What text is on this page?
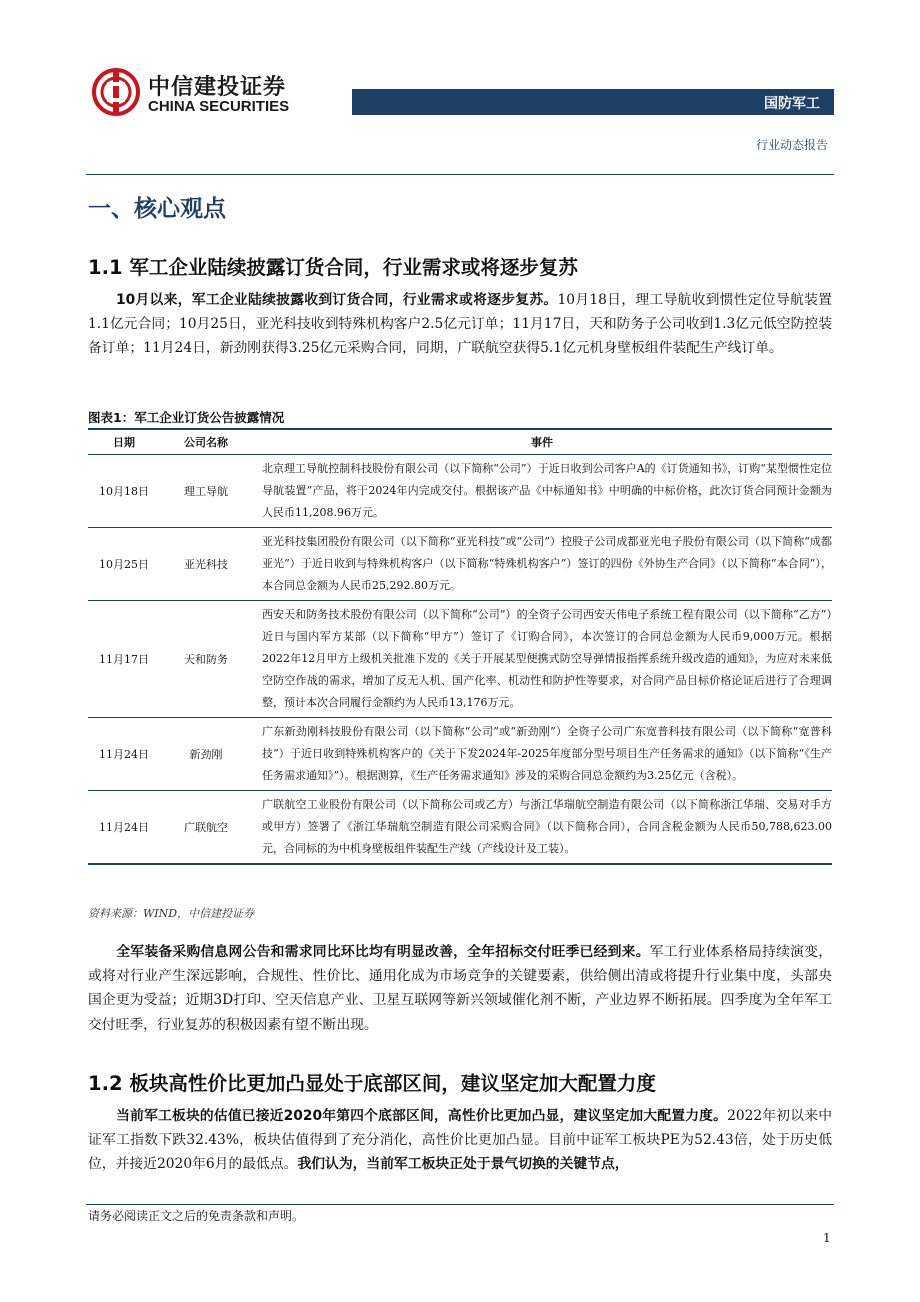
中信建投证券
CHINA SECURITIES	国防军工
行业动态报告
一、核心观点
1.1 军工企业陆续披露订货合同，行业需求或将逐步复苏
10月以来，军工企业陆续披露收到订货合同，行业需求或将逐步复苏。10月18日，理工导航收到惯性定位导航装置1.1亿元合同；10月25日，亚光科技收到特殊机构客户2.5亿元订单；11月17日，天和防务子公司收到1.3亿元低空防控装备订单；11月24日，新劲刚获得3.25亿元采购合同，同期，广联航空获得5.1亿元机身壁板组件装配生产线订单。
图表1：军工企业订货公告披露情况
日期	公司名称	事件
10月18日	理工导航	北京理工导航控制科技股份有限公司（以下简称“公司”）于近日收到公司客户A的《订货通知书》，订购“某型惯性定位导航装置”产品，将于2024年内完成交付。根据该产品《中标通知书》中明确的中标价格，此次订货合同预计金额为人民币11,208.96万元。
10月25日	亚光科技	亚光科技集团股份有限公司（以下简称“亚光科技”或“公司”）控股子公司成都亚光电子股份有限公司（以下简称“成都亚光”）于近日收到与特殊机构客户（以下简称“特殊机构客户”）签订的四份《外协生产合同》（以下简称“本合同”），本合同总金额为人民币25,292.80万元。
11月17日	天和防务	西安天和防务技术股份有限公司（以下简称“公司”）的全资子公司西安天伟电子系统工程有限公司（以下简称“乙方”）近日与国内军方某部（以下简称“甲方”）签订了《订购合同》，本次签订的合同总金额为人民币9,000万元。根据2022年12月甲方上级机关批准下发的《关于开展某型便携式防空导弹情报指挥系统升级改造的通知》，为应对未来低空防空作战的需求，增加了反无人机、国产化率、机动性和防护性等要求，对合同产品目标价格论证后进行了合理调整，预计本次合同履行金额约为人民币13,176万元。
11月24日	新劲刚	广东新劲刚科技股份有限公司（以下简称“公司”或“新劲刚”）全资子公司广东宽普科技有限公司（以下简称“宽普科技”）于近日收到特殊机构客户的《关于下发2024年-2025年度部分型号项目生产任务需求的通知》（以下简称“《生产任务需求通知》”）。根据测算，《生产任务需求通知》涉及的采购合同总金额约为3.25亿元（含税）。
11月24日	广联航空	广联航空工业股份有限公司（以下简称公司或乙方）与浙江华瑞航空制造有限公司（以下简称浙江华瑞、交易对手方或甲方）签署了《浙江华瑞航空制造有限公司采购合同》（以下简称合同），合同含税金额为人民币50,788,623.00元，合同标的为中机身壁板组件装配生产线（产线设计及工装）。
资料来源：WIND，中信建投证券
全军装备采购信息网公告和需求同比环比均有明显改善，全年招标交付旺季已经到来。军工行业体系格局持续演变，或将对行业产生深远影响，合规性、性价比、通用化成为市场竞争的关键要素，供给侧出清或将提升行业集中度，头部央国企更为受益；近期3D打印、空天信息产业、卫星互联网等新兴领域催化剂不断，产业边界不断拓展。四季度为全年军工交付旺季，行业复苏的积极因素有望不断出现。
1.2 板块高性价比更加凸显处于底部区间，建议坚定加大配置力度
当前军工板块的估值已接近2020年第四个底部区间，高性价比更加凸显，建议坚定加大配置力度。2022年初以来中证军工指数下跌32.43%，板块估值得到了充分消化，高性价比更加凸显。目前中证军工板块PE为52.43倍，处于历史低位，并接近2020年6月的最低点。我们认为，当前军工板块正处于景气切换的关键节点，
请务必阅读正文之后的免责条款和声明。
1
